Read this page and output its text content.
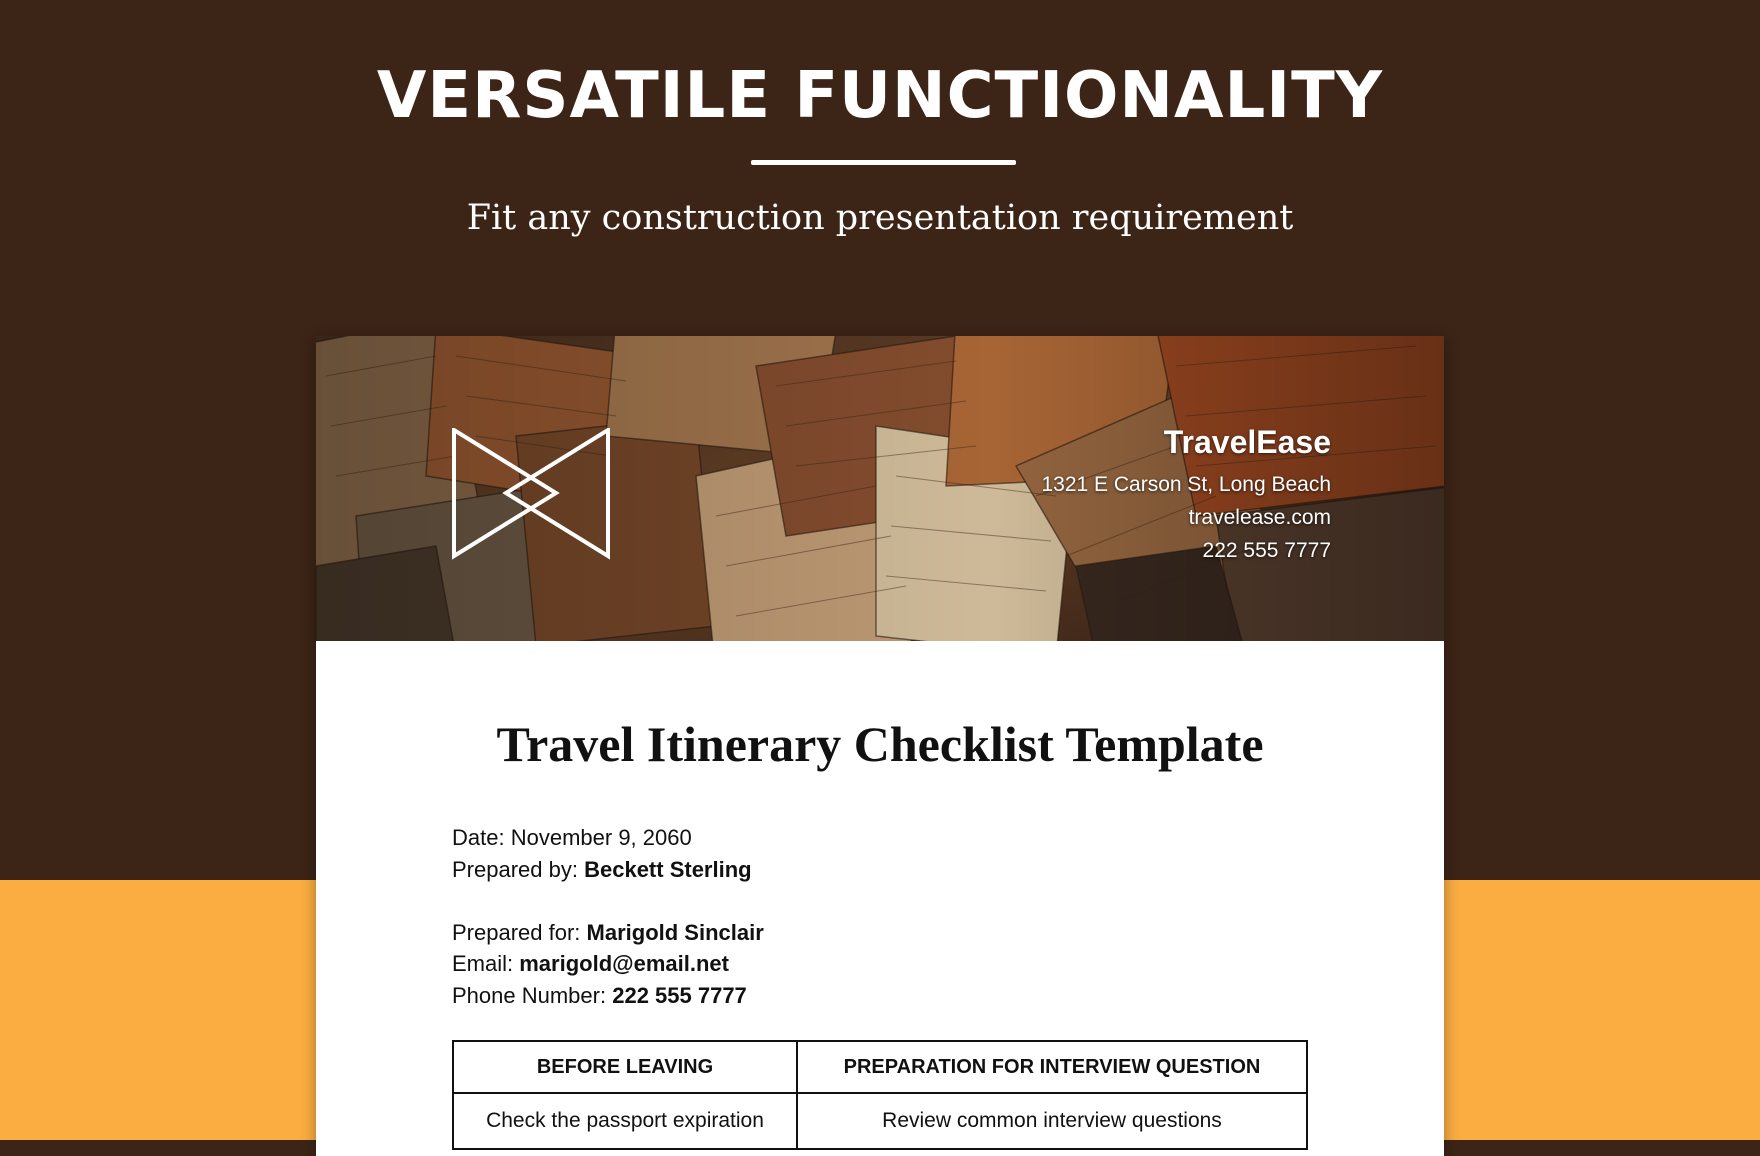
VERSATILE FUNCTIONALITY

Fit any construction presentation requirement

TravelEase
1321 E Carson St, Long Beach
travelease.com
222 555 7777
Travel Itinerary Checklist Template
Date: November 9, 2060
Prepared by: Beckett Sterling
Prepared for: Marigold Sinclair
Email: marigold@email.net
Phone Number: 222 555 7777
BEFORE LEAVING	PREPARATION FOR INTERVIEW QUESTION
Check the passport expiration	Review common interview questions
